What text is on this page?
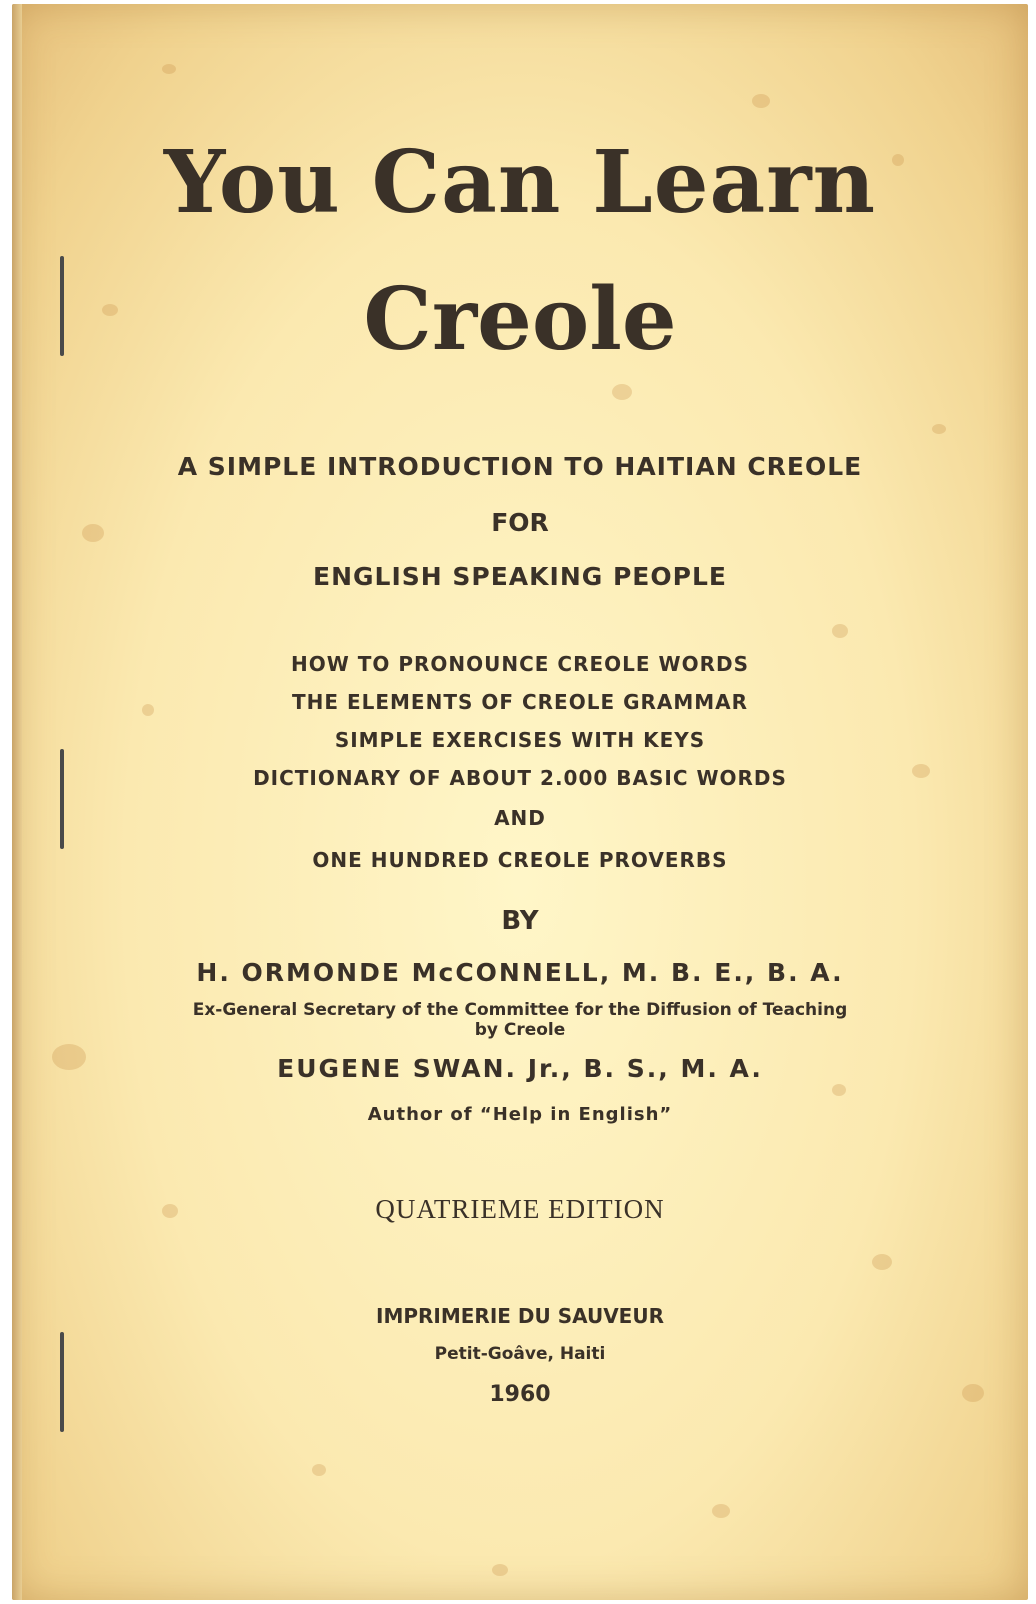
You Can Learn
Creole
A SIMPLE INTRODUCTION TO HAITIAN CREOLE
FOR
ENGLISH SPEAKING PEOPLE
HOW TO PRONOUNCE CREOLE WORDS
THE ELEMENTS OF CREOLE GRAMMAR
SIMPLE EXERCISES WITH KEYS
DICTIONARY OF ABOUT 2.000 BASIC WORDS
AND
ONE HUNDRED CREOLE PROVERBS
BY
H. ORMONDE McCONNELL, M. B. E., B. A.
Ex-General Secretary of the Committee for the Diffusion of Teaching
by Creole
EUGENE SWAN. Jr., B. S., M. A.
Author of “Help in English”
QUATRIEME EDITION
IMPRIMERIE DU SAUVEUR
Petit-Goâve, Haiti
1960
